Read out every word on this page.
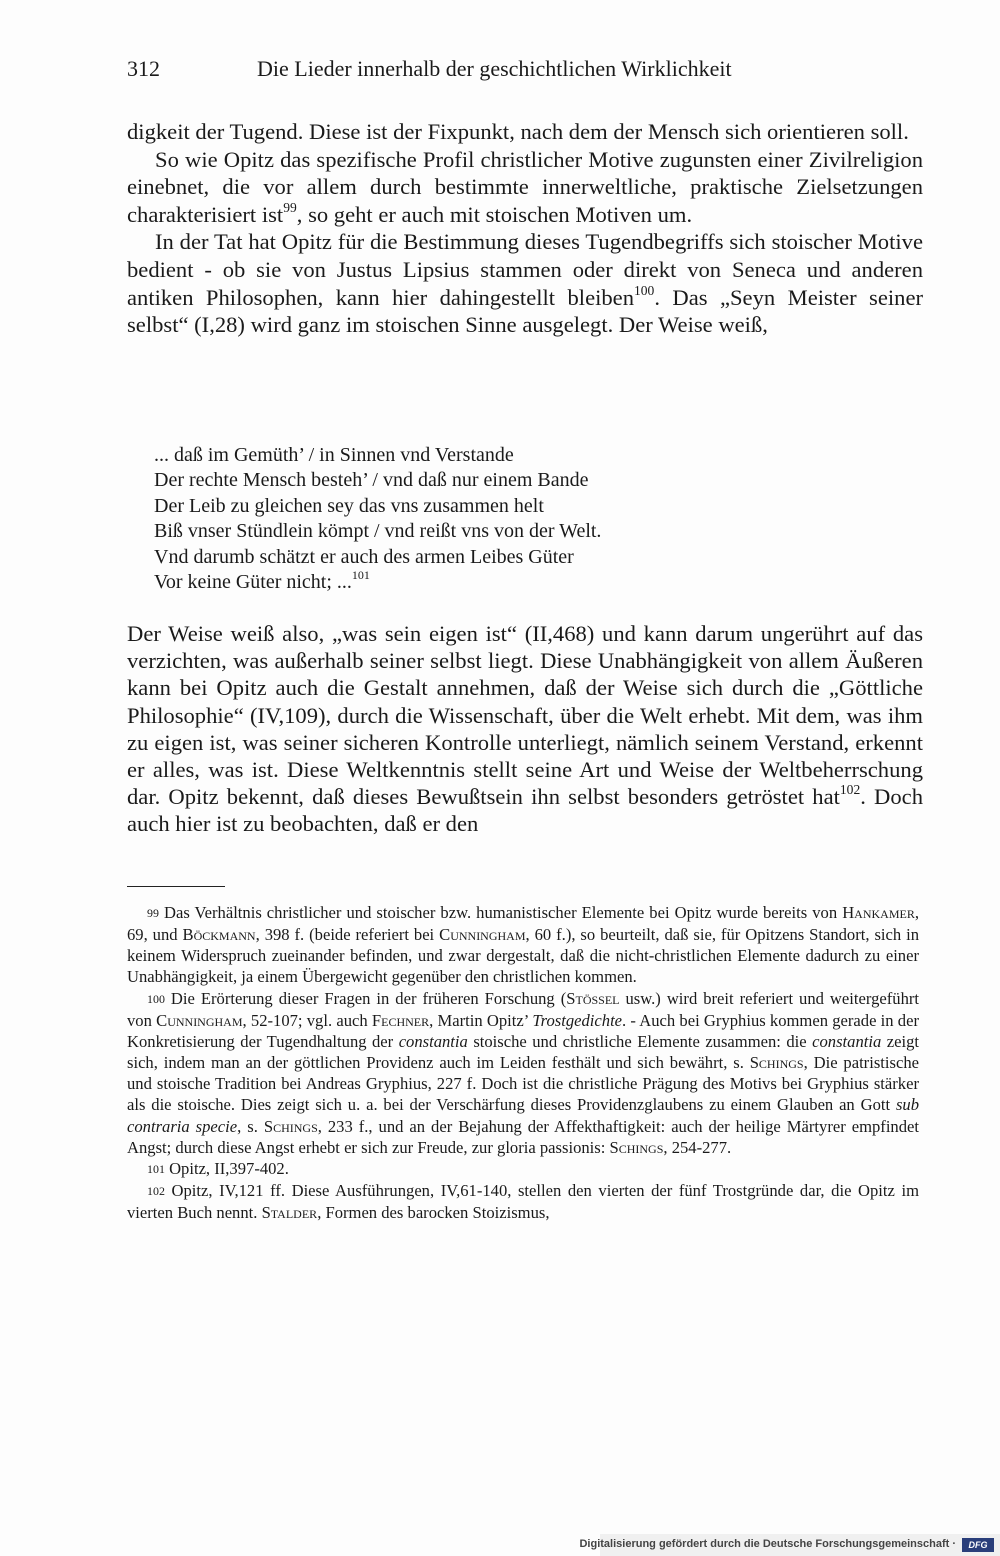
312	Die Lieder innerhalb der geschichtlichen Wirklichkeit

digkeit der Tugend. Diese ist der Fixpunkt, nach dem der Mensch sich orientieren soll.

So wie Opitz das spezifische Profil christlicher Motive zugunsten einer Zivilreligion einebnet, die vor allem durch bestimmte innerweltliche, praktische Zielsetzungen charakterisiert ist$^{99}$, so geht er auch mit stoischen Motiven um.

In der Tat hat Opitz für die Bestimmung dieses Tugendbegriffs sich stoischer Motive bedient - ob sie von Justus Lipsius stammen oder direkt von Seneca und anderen antiken Philosophen, kann hier dahingestellt bleiben$^{100}$. Das „Seyn Meister seiner selbst“ (I,28) wird ganz im stoischen Sinne ausgelegt. Der Weise weiß,

... daß im Gemüth’ / in Sinnen vnd Verstande
Der rechte Mensch besteh’ / vnd daß nur einem Bande
Der Leib zu gleichen sey das vns zusammen helt
Biß vnser Stündlein kömpt / vnd reißt vns von der Welt.
Vnd darumb schätzt er auch des armen Leibes Güter
Vor keine Güter nicht; ...$^{101}$

Der Weise weiß also, „was sein eigen ist“ (II,468) und kann darum ungerührt auf das verzichten, was außerhalb seiner selbst liegt. Diese Unabhängigkeit von allem Äußeren kann bei Opitz auch die Gestalt annehmen, daß der Weise sich durch die „Göttliche Philosophie“ (IV,109), durch die Wissenschaft, über die Welt erhebt. Mit dem, was ihm zu eigen ist, was seiner sicheren Kontrolle unterliegt, nämlich seinem Verstand, erkennt er alles, was ist. Diese Weltkenntnis stellt seine Art und Weise der Weltbeherrschung dar. Opitz bekennt, daß dieses Bewußtsein ihn selbst besonders getröstet hat$^{102}$. Doch auch hier ist zu beobachten, daß er den

99 Das Verhältnis christlicher und stoischer bzw. humanistischer Elemente bei Opitz wurde bereits von Hankamer, 69, und Böckmann, 398 f. (beide referiert bei Cunningham, 60 f.), so beurteilt, daß sie, für Opitzens Standort, sich in keinem Widerspruch zueinander befinden, und zwar dergestalt, daß die nicht-christlichen Elemente dadurch zu einer Unabhängigkeit, ja einem Übergewicht gegenüber den christlichen kommen.

100 Die Erörterung dieser Fragen in der früheren Forschung (Stössel usw.) wird breit referiert und weitergeführt von Cunningham, 52-107; vgl. auch Fechner, Martin Opitz’ Trostgedichte. - Auch bei Gryphius kommen gerade in der Konkretisierung der Tugendhaltung der constantia stoische und christliche Elemente zusammen: die constantia zeigt sich, indem man an der göttlichen Providenz auch im Leiden festhält und sich bewährt, s. Schings, Die patristische und stoische Tradition bei Andreas Gryphius, 227 f. Doch ist die christliche Prägung des Motivs bei Gryphius stärker als die stoische. Dies zeigt sich u. a. bei der Verschärfung dieses Providenzglaubens zu einem Glauben an Gott sub contraria specie, s. Schings, 233 f., und an der Bejahung der Affekthaftigkeit: auch der heilige Märtyrer empfindet Angst; durch diese Angst erhebt er sich zur Freude, zur gloria passionis: Schings, 254-277.

101 Opitz, II,397-402.

102 Opitz, IV,121 ff. Diese Ausführungen, IV,61-140, stellen den vierten der fünf Trostgründe dar, die Opitz im vierten Buch nennt. Stalder, Formen des barocken Stoizismus,

Digitalisierung gefördert durch die Deutsche Forschungsgemeinschaft ·	DFG
